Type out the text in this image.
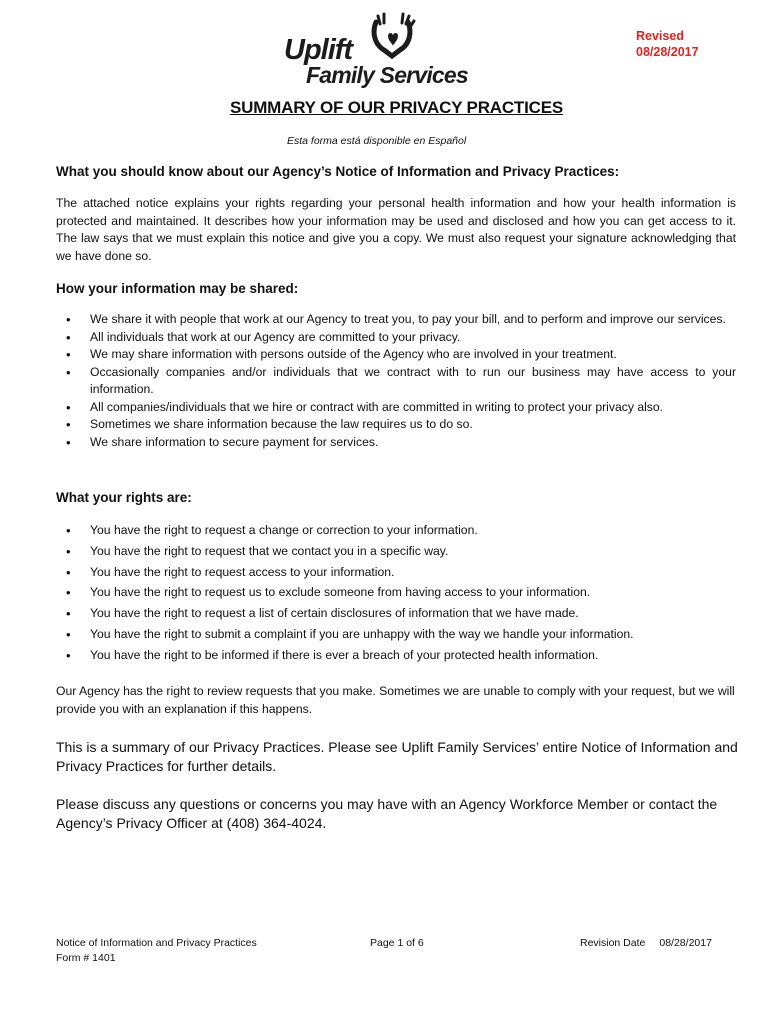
Uplift
Family Services
Revised
08/28/2017
SUMMARY OF OUR PRIVACY PRACTICES
Esta forma está disponible en Español
What you should know about our Agency’s Notice of Information and Privacy Practices:
The attached notice explains your rights regarding your personal health information and how your health information is protected and maintained. It describes how your information may be used and disclosed and how you can get access to it. The law says that we must explain this notice and give you a copy. We must also request your signature acknowledging that we have done so.
How your information may be shared:
• We share it with people that work at our Agency to treat you, to pay your bill, and to perform and improve our services.
• All individuals that work at our Agency are committed to your privacy.
• We may share information with persons outside of the Agency who are involved in your treatment.
• Occasionally companies and/or individuals that we contract with to run our business may have access to your information.
• All companies/individuals that we hire or contract with are committed in writing to protect your privacy also.
• Sometimes we share information because the law requires us to do so.
• We share information to secure payment for services.
What your rights are:
• You have the right to request a change or correction to your information.
• You have the right to request that we contact you in a specific way.
• You have the right to request access to your information.
• You have the right to request us to exclude someone from having access to your information.
• You have the right to request a list of certain disclosures of information that we have made.
• You have the right to submit a complaint if you are unhappy with the way we handle your information.
• You have the right to be informed if there is ever a breach of your protected health information.
Our Agency has the right to review requests that you make. Sometimes we are unable to comply with your request, but we will provide you with an explanation if this happens.
This is a summary of our Privacy Practices. Please see Uplift Family Services’ entire Notice of Information and Privacy Practices for further details.
Please discuss any questions or concerns you may have with an Agency Workforce Member or contact the Agency’s Privacy Officer at (408) 364-4024.
Notice of Information and Privacy Practices
Form # 1401
Page 1 of 6	Revision Date 08/28/2017
